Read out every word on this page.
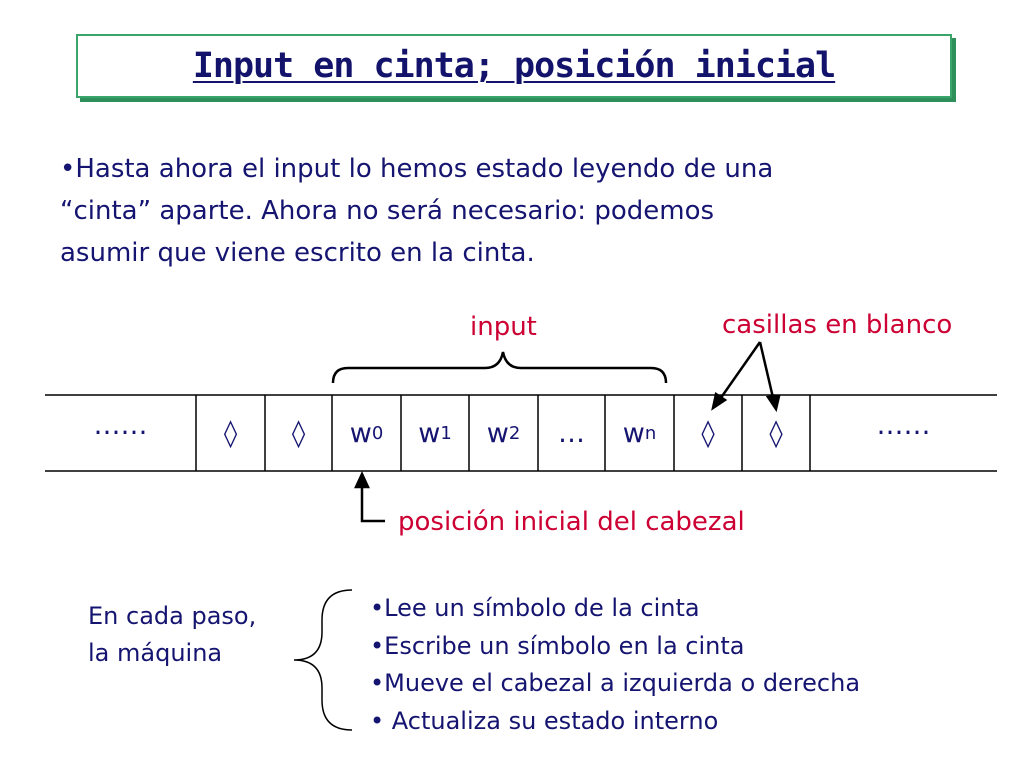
Input en cinta; posición inicial
•Hasta ahora el input lo hemos estado leyendo de una
“cinta” aparte. Ahora no será necesario: podemos
asumir que viene escrito en la cinta.
input	casillas en blanco
posición inicial del cabezal
……	◊ ◊ w 0 w 1 w 2 … w n ◊ ◊	……
En cada paso,
la máquina
•Lee un símbolo de la cinta
•Escribe un símbolo en la cinta
•Mueve el cabezal a izquierda o derecha
• Actualiza su estado interno
